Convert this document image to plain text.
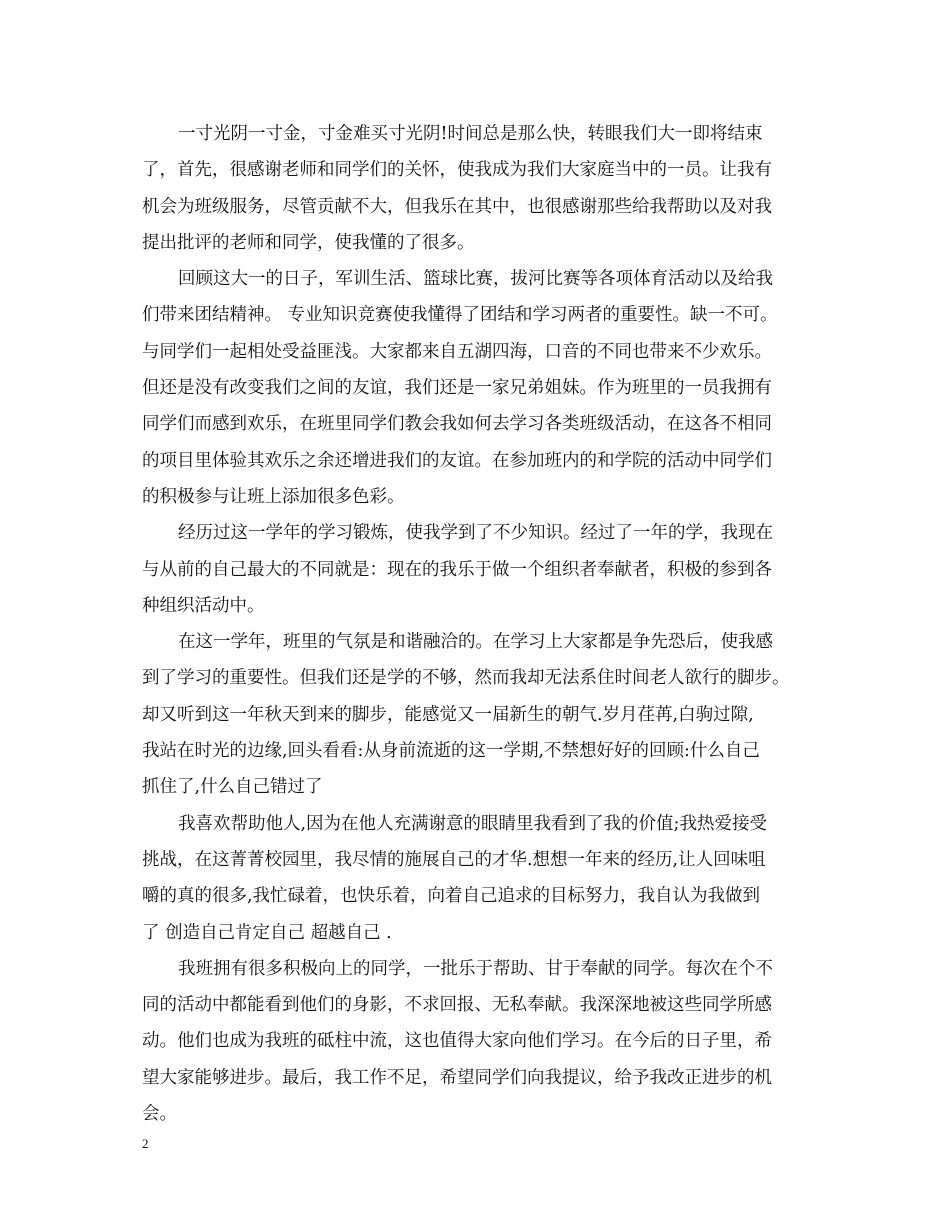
一寸光阴一寸金，寸金难买寸光阴!时间总是那么快，转眼我们大一即将结束
了，首先，很感谢老师和同学们的关怀，使我成为我们大家庭当中的一员。让我有
机会为班级服务，尽管贡献不大，但我乐在其中，也很感谢那些给我帮助以及对我
提出批评的老师和同学，使我懂的了很多。
回顾这大一的日子，军训生活、篮球比赛，拔河比赛等各项体育活动以及给我
们带来团结精神。 专业知识竞赛使我懂得了团结和学习两者的重要性。缺一不可。
与同学们一起相处受益匪浅。大家都来自五湖四海，口音的不同也带来不少欢乐。
但还是没有改变我们之间的友谊，我们还是一家兄弟姐妹。作为班里的一员我拥有
同学们而感到欢乐，在班里同学们教会我如何去学习各类班级活动，在这各不相同
的项目里体验其欢乐之余还增进我们的友谊。在参加班内的和学院的活动中同学们
的积极参与让班上添加很多色彩。
经历过这一学年的学习锻炼，使我学到了不少知识。经过了一年的学，我现在
与从前的自己最大的不同就是：现在的我乐于做一个组织者奉献者，积极的参到各
种组织活动中。
在这一学年，班里的气氛是和谐融洽的。在学习上大家都是争先恐后，使我感
到了学习的重要性。但我们还是学的不够，然而我却无法系住时间老人欲行的脚步。
却又听到这一年秋天到来的脚步，能感觉又一届新生的朝气.岁月荏苒,白驹过隙,
我站在时光的边缘,回头看看:从身前流逝的这一学期,不禁想好好的回顾:什么自己
抓住了,什么自己错过了
我喜欢帮助他人,因为在他人充满谢意的眼睛里我看到了我的价值;我热爱接受
挑战，在这菁菁校园里，我尽情的施展自己的才华.想想一年来的经历,让人回味咀
嚼的真的很多,我忙碌着，也快乐着，向着自己追求的目标努力，我自认为我做到
了 创造自己肯定自己 超越自己 .
我班拥有很多积极向上的同学，一批乐于帮助、甘于奉献的同学。每次在个不
同的活动中都能看到他们的身影，不求回报、无私奉献。我深深地被这些同学所感
动。他们也成为我班的砥柱中流，这也值得大家向他们学习。在今后的日子里，希
望大家能够进步。最后，我工作不足，希望同学们向我提议，给予我改正进步的机
会。
2
